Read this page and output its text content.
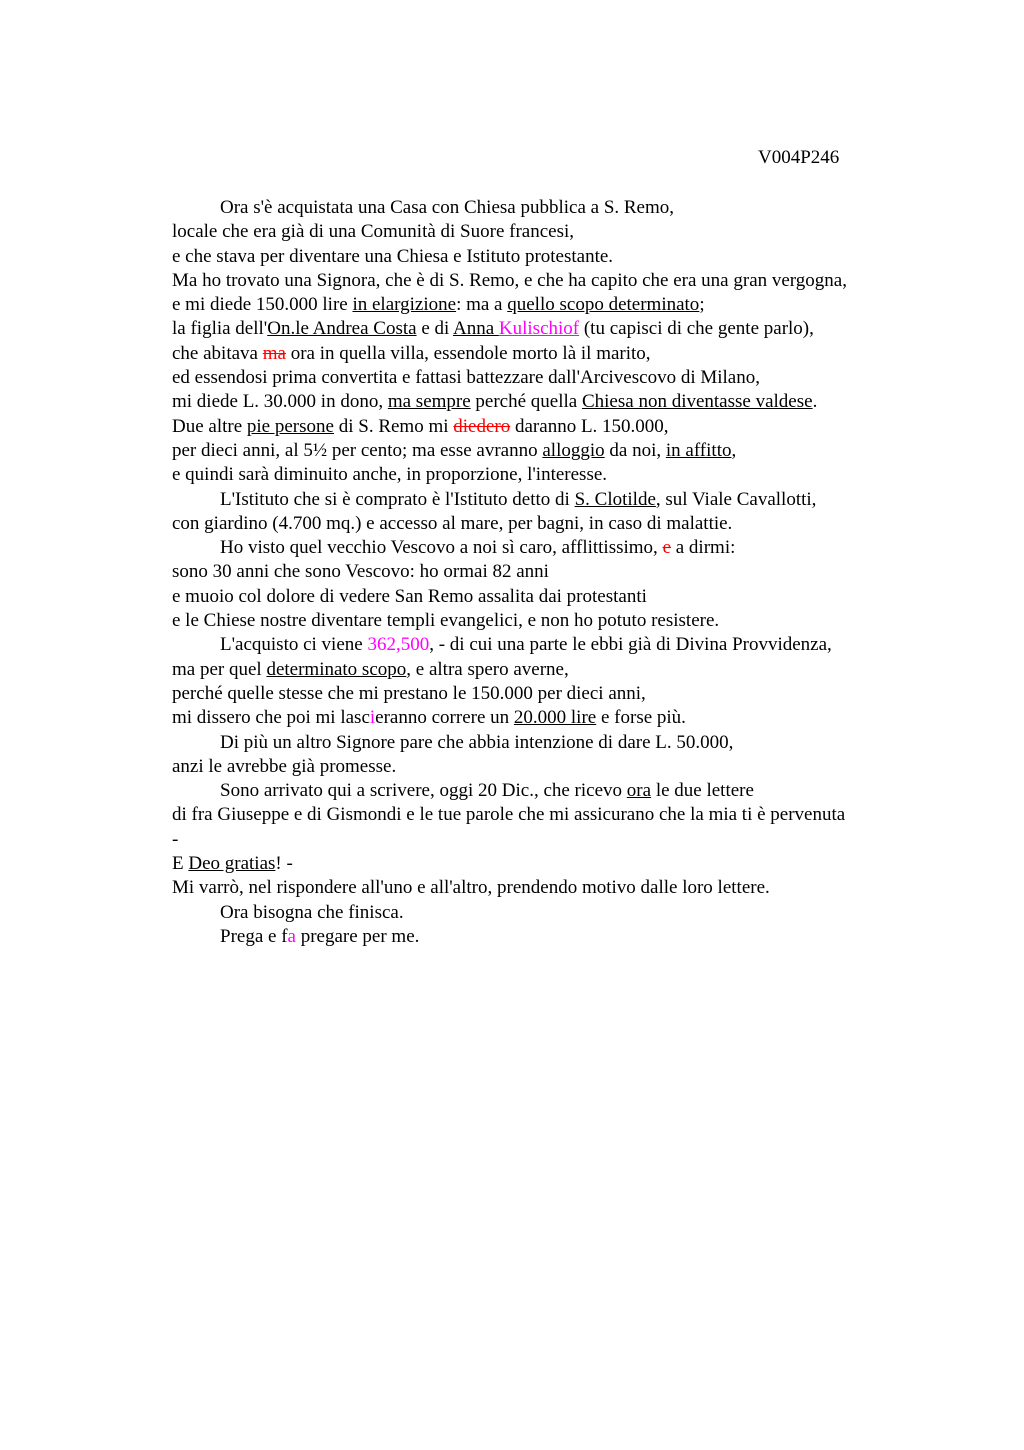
V004P246
Ora s'è acquistata una Casa con Chiesa pubblica a S. Remo,
locale che era già di una Comunità di Suore francesi,
e che stava per diventare una Chiesa e Istituto protestante.
Ma ho trovato una Signora, che è di S. Remo, e che ha capito che era una gran vergogna,
e mi diede 150.000 lire in elargizione: ma a quello scopo determinato;
la figlia dell'On.le Andrea Costa e di Anna Kulischiof (tu capisci di che gente parlo),
che abitava ma ora in quella villa, essendole morto là il marito,
ed essendosi prima convertita e fattasi battezzare dall'Arcivescovo di Milano,
mi diede L. 30.000 in dono, ma sempre perché quella Chiesa non diventasse valdese.
Due altre pie persone di S. Remo mi diedero daranno L. 150.000,
per dieci anni, al 5½ per cento; ma esse avranno alloggio da noi, in affitto,
e quindi sarà diminuito anche, in proporzione, l'interesse.
L'Istituto che si è comprato è l'Istituto detto di S. Clotilde, sul Viale Cavallotti,
con giardino (4.700 mq.) e accesso al mare, per bagni, in caso di malattie.
Ho visto quel vecchio Vescovo a noi sì caro, afflittissimo, e a dirmi:
sono 30 anni che sono Vescovo: ho ormai 82 anni
e muoio col dolore di vedere San Remo assalita dai protestanti
e le Chiese nostre diventare templi evangelici, e non ho potuto resistere.
L'acquisto ci viene 362,500, - di cui una parte le ebbi già di Divina Provvidenza,
ma per quel determinato scopo, e altra spero averne,
perché quelle stesse che mi prestano le 150.000 per dieci anni,
mi dissero che poi mi lascieranno correre un 20.000 lire e forse più.
Di più un altro Signore pare che abbia intenzione di dare L. 50.000,
anzi le avrebbe già promesse.
Sono arrivato qui a scrivere, oggi 20 Dic., che ricevo ora le due lettere
di fra Giuseppe e di Gismondi e le tue parole che mi assicurano che la mia ti è pervenuta
-
E Deo gratias! -
Mi varrò, nel rispondere all'uno e all'altro, prendendo motivo dalle loro lettere.
Ora bisogna che finisca.
Prega e fa pregare per me.
